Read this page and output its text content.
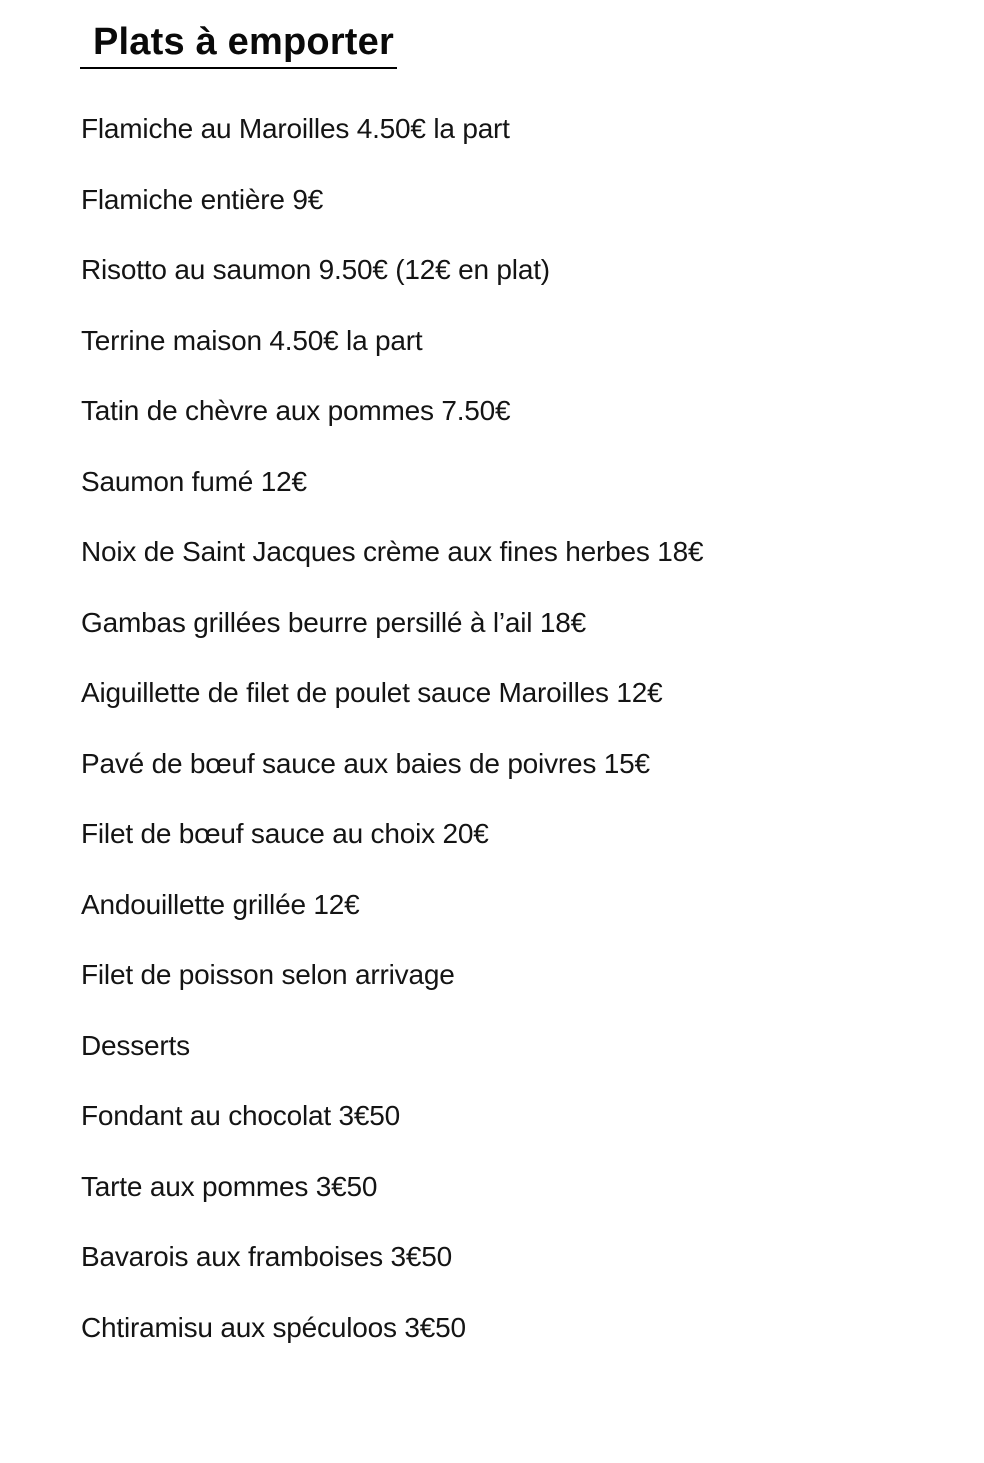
Plats à emporter

Flamiche au Maroilles 4.50€ la part

Flamiche entière 9€

Risotto au saumon 9.50€ (12€ en plat)

Terrine maison 4.50€ la part

Tatin de chèvre aux pommes 7.50€

Saumon fumé 12€

Noix de Saint Jacques crème aux fines herbes 18€

Gambas grillées beurre persillé à l’ail 18€

Aiguillette de filet de poulet sauce Maroilles 12€

Pavé de bœuf sauce aux baies de poivres 15€

Filet de bœuf sauce au choix 20€

Andouillette grillée 12€

Filet de poisson selon arrivage

Desserts

Fondant au chocolat 3€50

Tarte aux pommes 3€50

Bavarois aux framboises 3€50

Chtiramisu aux spéculoos 3€50
